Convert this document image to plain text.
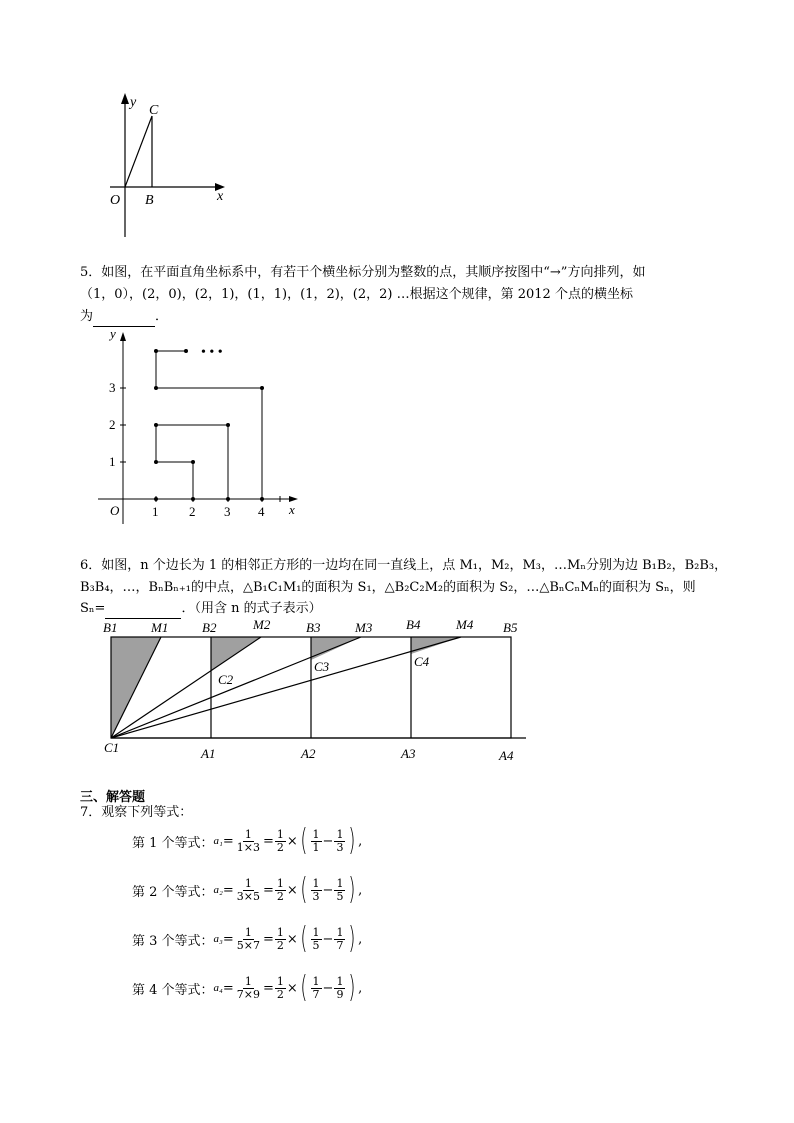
y
C
O B	x
5．如图，在平面直角坐标系中，有若干个横坐标分别为整数的点，其顺序按图中“→”方向排列，如
（1，0），(2，0)，(2，1)，(1，1)，(1，2)，(2，2) …根据这个规律，第 2012 个点的横坐标
为	．
• • •
y
x
O	1 2 3 4
1
2
3
6．如图，n 个边长为 1 的相邻正方形的一边均在同一直线上，点 M₁，M₂，M₃，…Mₙ分别为边 B₁B₂，B₂B₃，
B₃B₄，…，BₙBₙ₊₁的中点，△B₁C₁M₁的面积为 S₁，△B₂C₂M₂的面积为 S₂，…△BₙCₙMₙ的面积为 Sₙ，则
Sₙ=	．（用含 n 的式子表示）
B1	M1	B2	M2	B3	M3	B4	M4 B5
C2
C3	C4
C1	A1	A2	A3	A4
三、解答题
7．观察下列等式：
第 1 个等式： $a_1 = \frac{1}{1\times 3} = \frac{1}{2}$ × ( $\frac{1}{1} - \frac{1}{3}$ ) ,
第 2 个等式： $a_2 = \frac{1}{3\times 5} = \frac{1}{2}$ × ( $\frac{1}{3} - \frac{1}{5}$ ) ,
第 3 个等式： $a_3 = \frac{1}{5\times 7} = \frac{1}{2}$ × ( $\frac{1}{5} - \frac{1}{7}$ ) ,
第 4 个等式： $a_4 = \frac{1}{7\times 9} = \frac{1}{2}$ × ( $\frac{1}{7} - \frac{1}{9}$ ) ,
